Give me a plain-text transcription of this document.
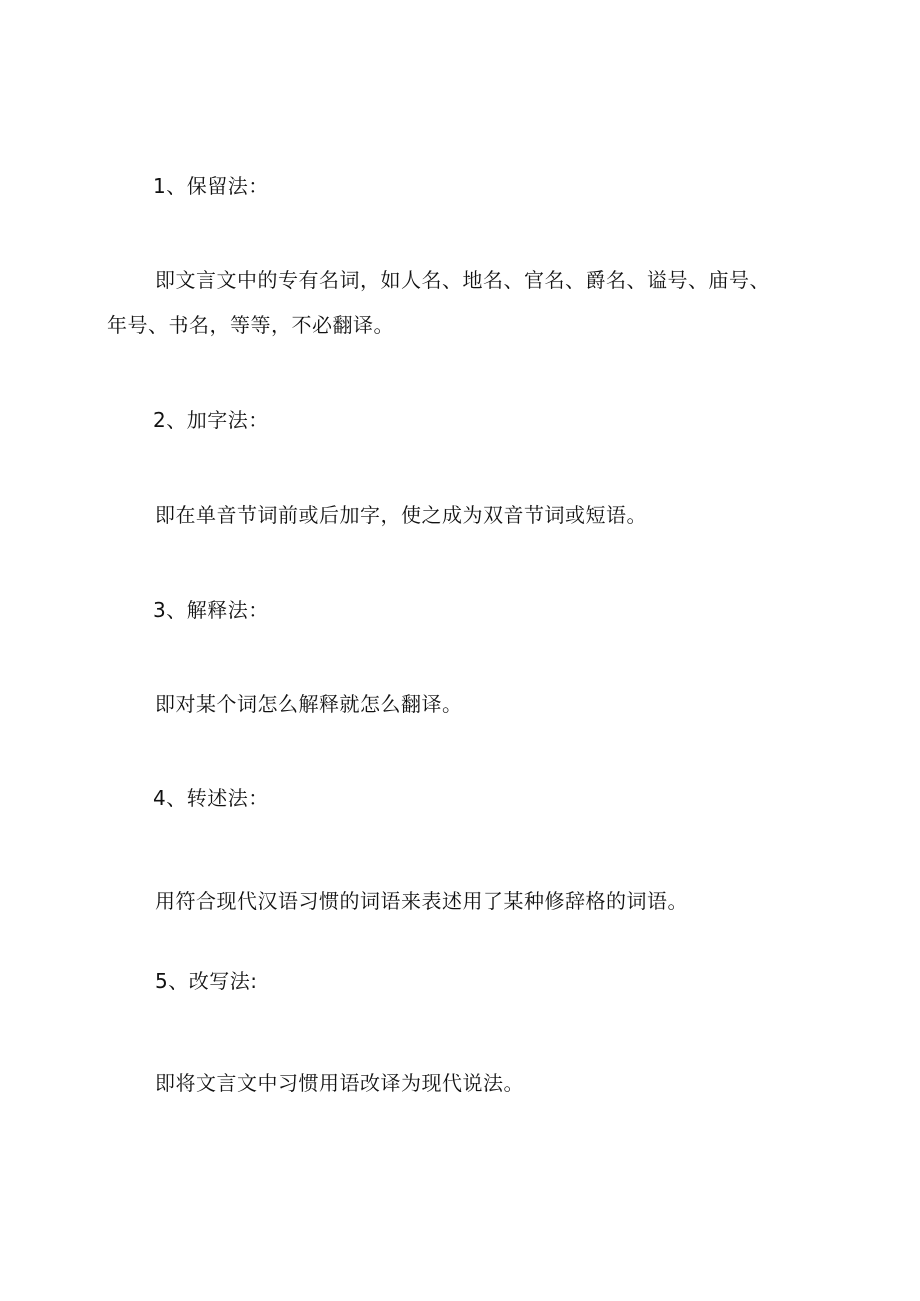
1、保留法：
即文言文中的专有名词，如人名、地名、官名、爵名、谥号、庙号、
年号、书名，等等，不必翻译。
2、加字法：
即在单音节词前或后加字，使之成为双音节词或短语。
3、解释法：
即对某个词怎么解释就怎么翻译。
4、转述法：
用符合现代汉语习惯的词语来表述用了某种修辞格的词语。
5、改写法:
即将文言文中习惯用语改译为现代说法。
